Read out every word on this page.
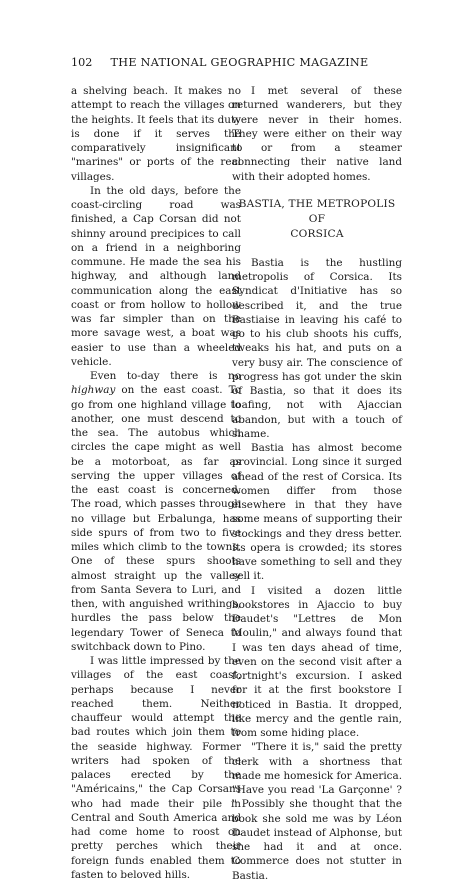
102	THE NATIONAL GEOGRAPHIC MAGAZINE

a shelving beach. It makes no attempt to reach the villages on the heights. It feels that its duty is done if it serves the comparatively insignificant "marines" or ports of the real villages.

In the old days, before the coast-circling road was finished, a Cap Corsan did not shinny around precipices to call on a friend in a neighboring commune. He made the sea his highway, and although land communication along the east coast or from hollow to hollow was far simpler than on the more savage west, a boat was easier to use than a wheeled vehicle.

Even to-day there is no highway on the east coast. To go from one highland village to another, one must descend to the sea. The autobus which circles the cape might as well be a motorboat, as far as serving the upper villages of the east coast is concerned. The road, which passes through no village but Erbalunga, has side spurs of from two to five miles which climb to the towns. One of these spurs shoots almost straight up the valley from Santa Severa to Luri, and then, with anguished writhings, hurdles the pass below the legendary Tower of Seneca to switchback down to Pino.

I was little impressed by the villages of the east coast, perhaps because I never reached them. Neither chauffeur would attempt the bad routes which join them to the seaside highway. Former writers had spoken of the palaces erected by the "Américains," the Cap Corsans who had made their pile in Central and South America and had come home to roost on pretty perches which their foreign funds enabled them to fasten to beloved hills.

I met several of these returned wanderers, but they were never in their homes. They were either on their way to or from a steamer connecting their native land with their adopted homes.

BASTIA, THE METROPOLIS OF
CORSICA

Bastia is the hustling metropolis of Corsica. Its Syndicat d'Initiative has so described it, and the true Bastiaise in leaving his café to go to his club shoots his cuffs, tweaks his hat, and puts on a very busy air. The conscience of progress has got under the skin of Bastia, so that it does its loafing, not with Ajaccian abandon, but with a touch of shame.

Bastia has almost become provincial. Long since it surged ahead of the rest of Corsica. Its women differ from those elsewhere in that they have some means of supporting their stockings and they dress better. Its opera is crowded; its stores have something to sell and they sell it.

I visited a dozen little bookstores in Ajaccio to buy Daudet's "Lettres de Mon Moulin," and always found that I was ten days ahead of time, even on the second visit after a fortnight's excursion. I asked for it at the first bookstore I noticed in Bastia. It dropped, like mercy and the gentle rain, from some hiding place.

"There it is," said the pretty clerk with a shortness that made me homesick for America. "Have you read 'La Garçonne' ? " Possibly she thought that the book she sold me was by Léon Daudet instead of Alphonse, but she had it and at once. Commerce does not stutter in Bastia.
